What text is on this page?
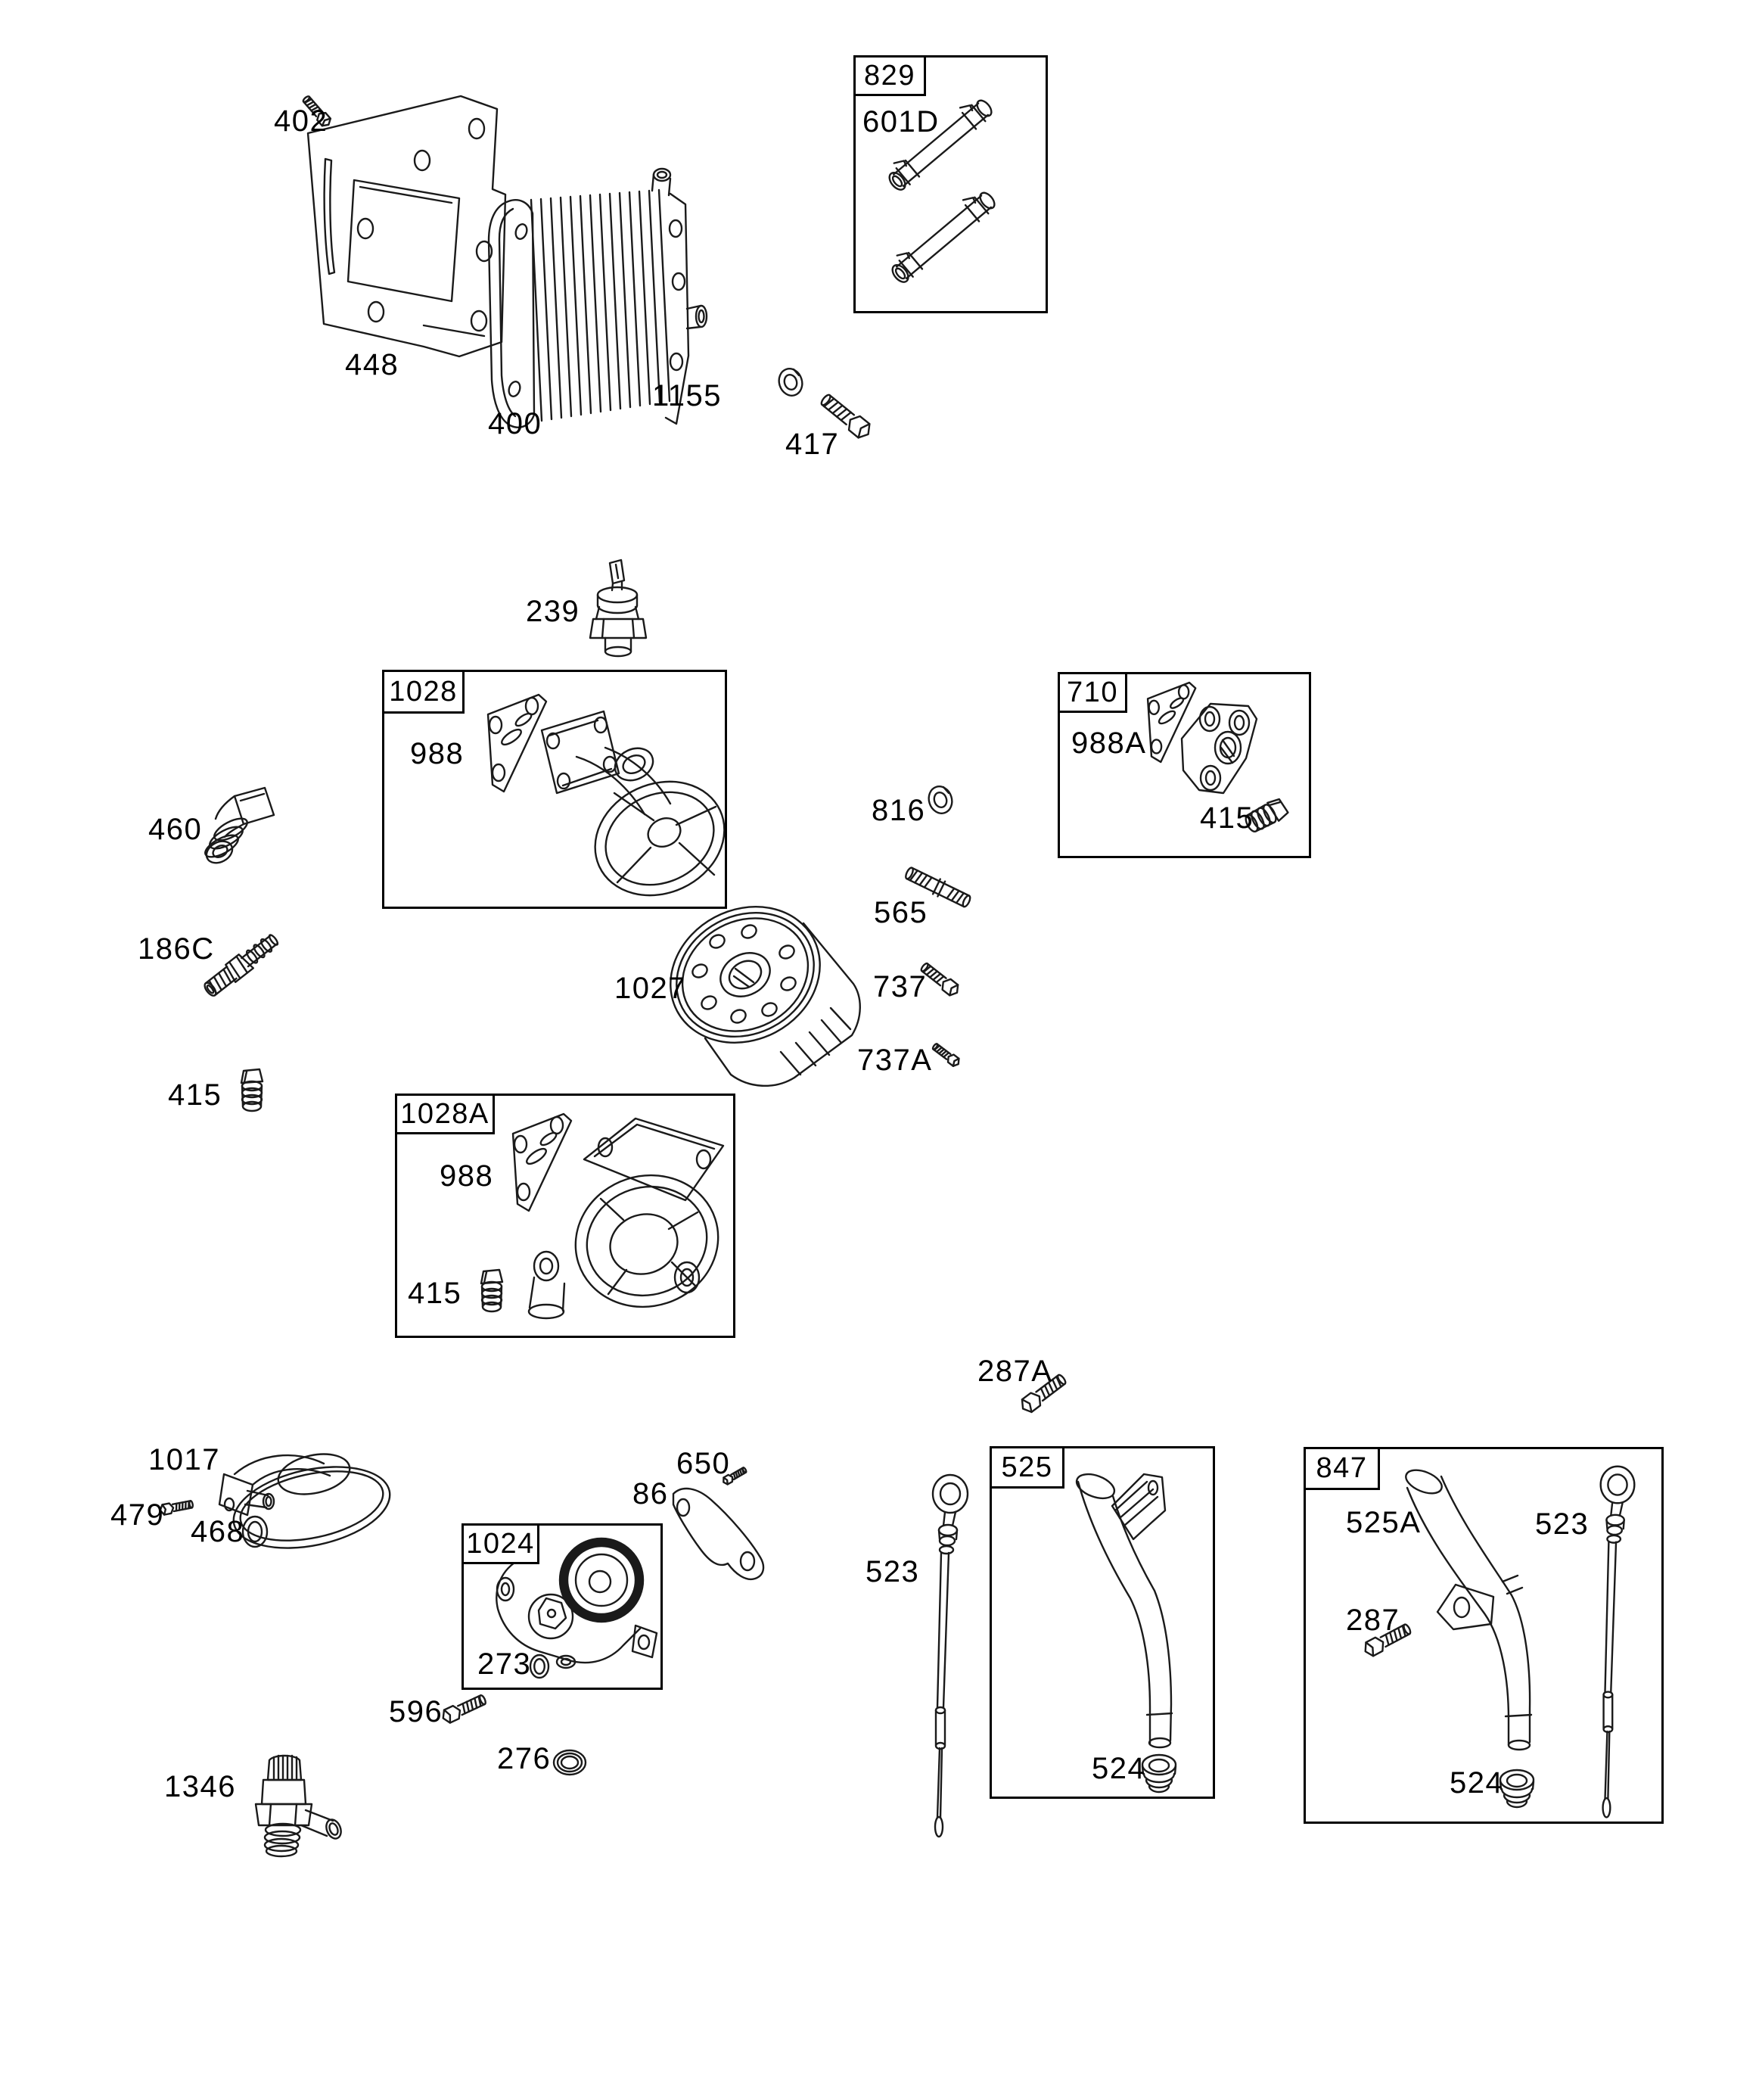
829
1028	710
1028A
1024
525	847
402
448
400
1155
417
601D
239
988
460
186C
415
816
565
1027	737
737A
988A
415
988
415
287A
1017
479 468
650
86
273
596
276
1346
523
524
525A
287
523
524
